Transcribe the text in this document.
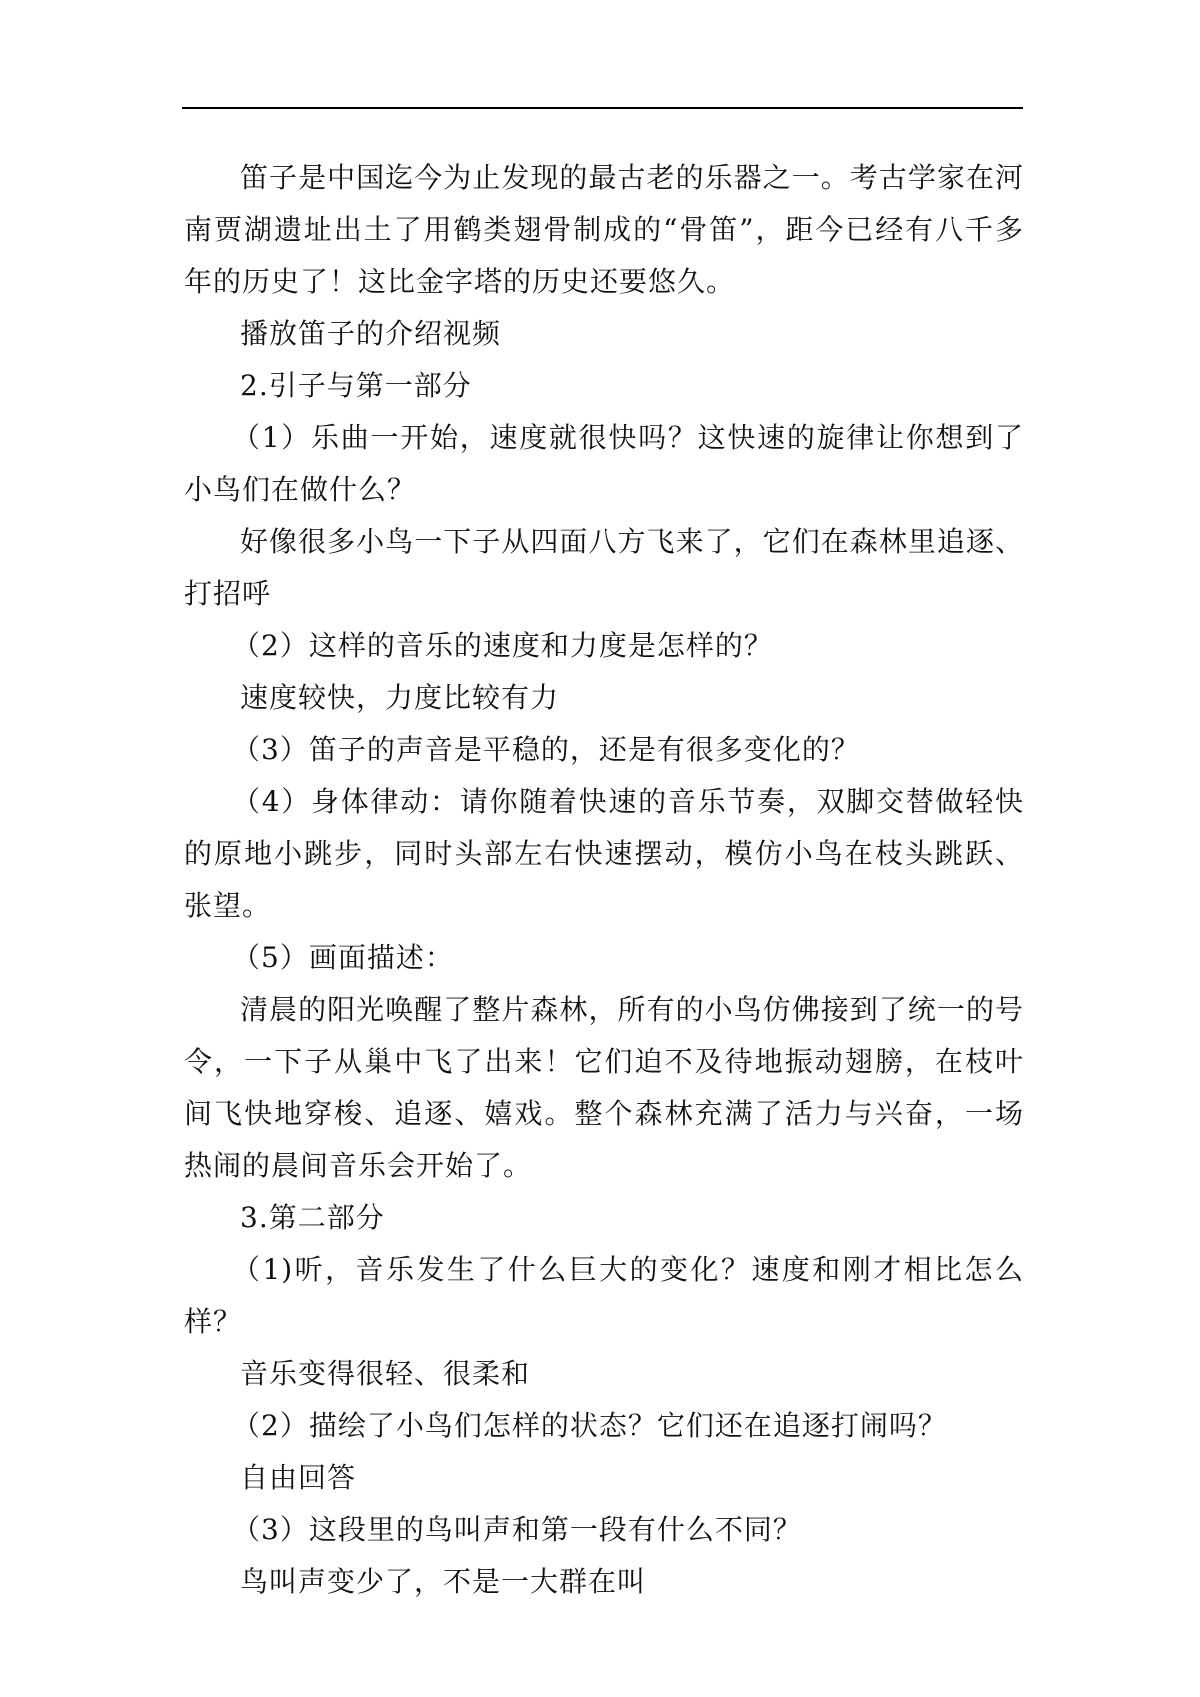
笛子是中国迄今为止发现的最古老的乐器之一。考古学家在河南贾湖遗址出土了用鹤类翅骨制成的“骨笛”，距今已经有八千多年的历史了！这比金字塔的历史还要悠久。

播放笛子的介绍视频

2.引子与第一部分

（1）乐曲一开始，速度就很快吗？这快速的旋律让你想到了小鸟们在做什么？

好像很多小鸟一下子从四面八方飞来了，它们在森林里追逐、打招呼

（2）这样的音乐的速度和力度是怎样的？

速度较快，力度比较有力

（3）笛子的声音是平稳的，还是有很多变化的？

（4）身体律动：请你随着快速的音乐节奏，双脚交替做轻快的原地小跳步，同时头部左右快速摆动，模仿小鸟在枝头跳跃、张望。

（5）画面描述：

清晨的阳光唤醒了整片森林，所有的小鸟仿佛接到了统一的号令，一下子从巢中飞了出来！它们迫不及待地振动翅膀，在枝叶间飞快地穿梭、追逐、嬉戏。整个森林充满了活力与兴奋，一场热闹的晨间音乐会开始了。

3.第二部分

（1)听，音乐发生了什么巨大的变化？速度和刚才相比怎么样？

音乐变得很轻、很柔和

（2）描绘了小鸟们怎样的状态？它们还在追逐打闹吗？

自由回答

（3）这段里的鸟叫声和第一段有什么不同？

鸟叫声变少了，不是一大群在叫
